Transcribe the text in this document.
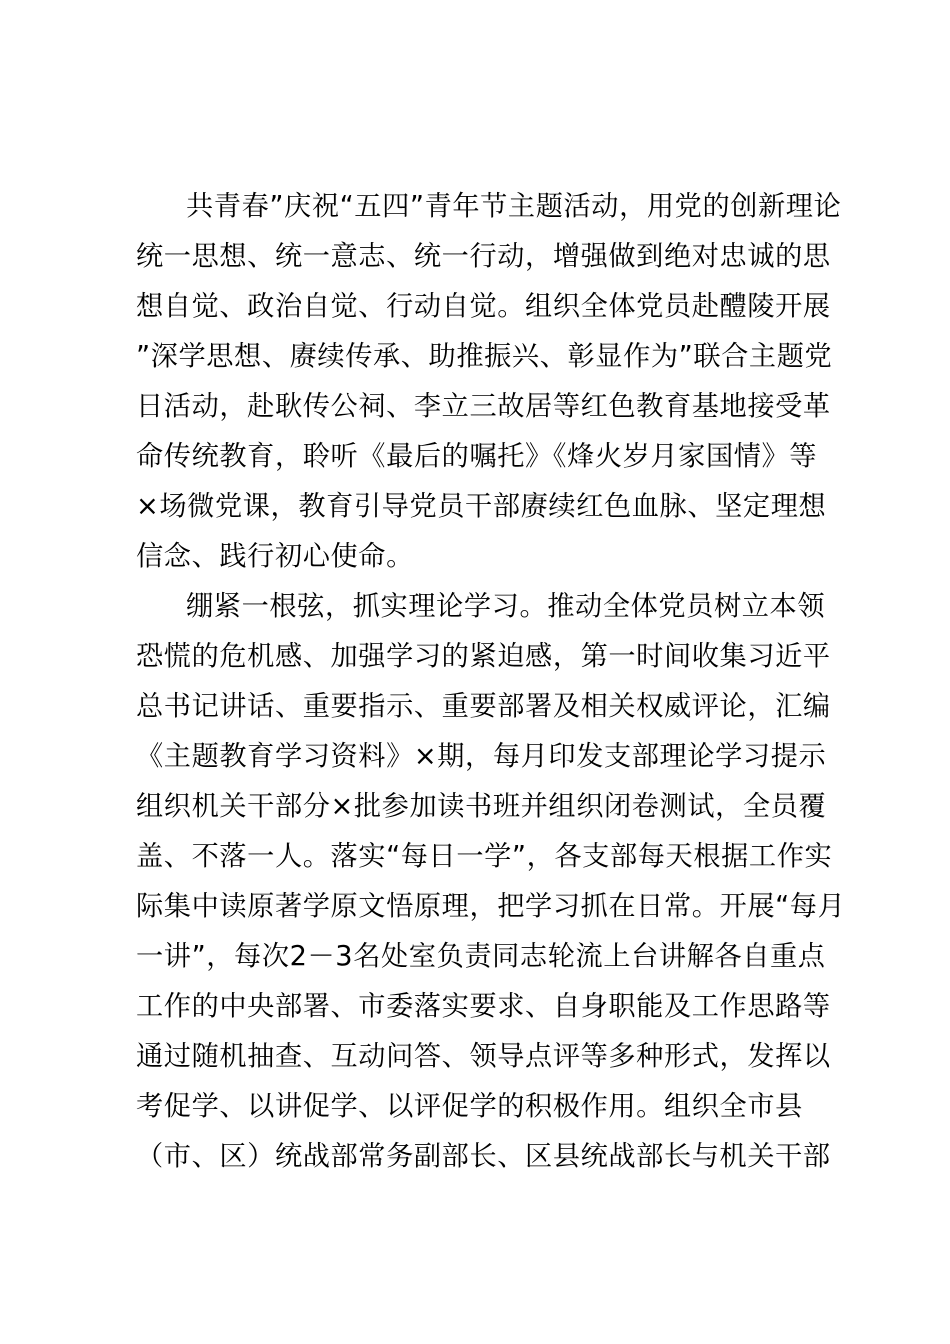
共青春”庆祝“五四”青年节主题活动，用党的创新理论
统一思想、统一意志、统一行动，增强做到绝对忠诚的思
想自觉、政治自觉、行动自觉。组织全体党员赴醴陵开展
”深学思想、赓续传承、助推振兴、彰显作为”联合主题党
日活动，赴耿传公祠、李立三故居等红色教育基地接受革
命传统教育，聆听《最后的嘱托》《烽火岁月家国情》等
×场微党课，教育引导党员干部赓续红色血脉、坚定理想
信念、践行初心使命。
绷紧一根弦，抓实理论学习。推动全体党员树立本领
恐慌的危机感、加强学习的紧迫感，第一时间收集习近平
总书记讲话、重要指示、重要部署及相关权威评论，汇编
《主题教育学习资料》×期，每月印发支部理论学习提示
组织机关干部分×批参加读书班并组织闭卷测试，全员覆
盖、不落一人。落实“每日一学”，各支部每天根据工作实
际集中读原著学原文悟原理，把学习抓在日常。开展“每月
一讲”，每次2－3名处室负责同志轮流上台讲解各自重点
工作的中央部署、市委落实要求、自身职能及工作思路等
通过随机抽查、互动问答、领导点评等多种形式，发挥以
考促学、以讲促学、以评促学的积极作用。组织全市县
（市、区）统战部常务副部长、区县统战部长与机关干部
